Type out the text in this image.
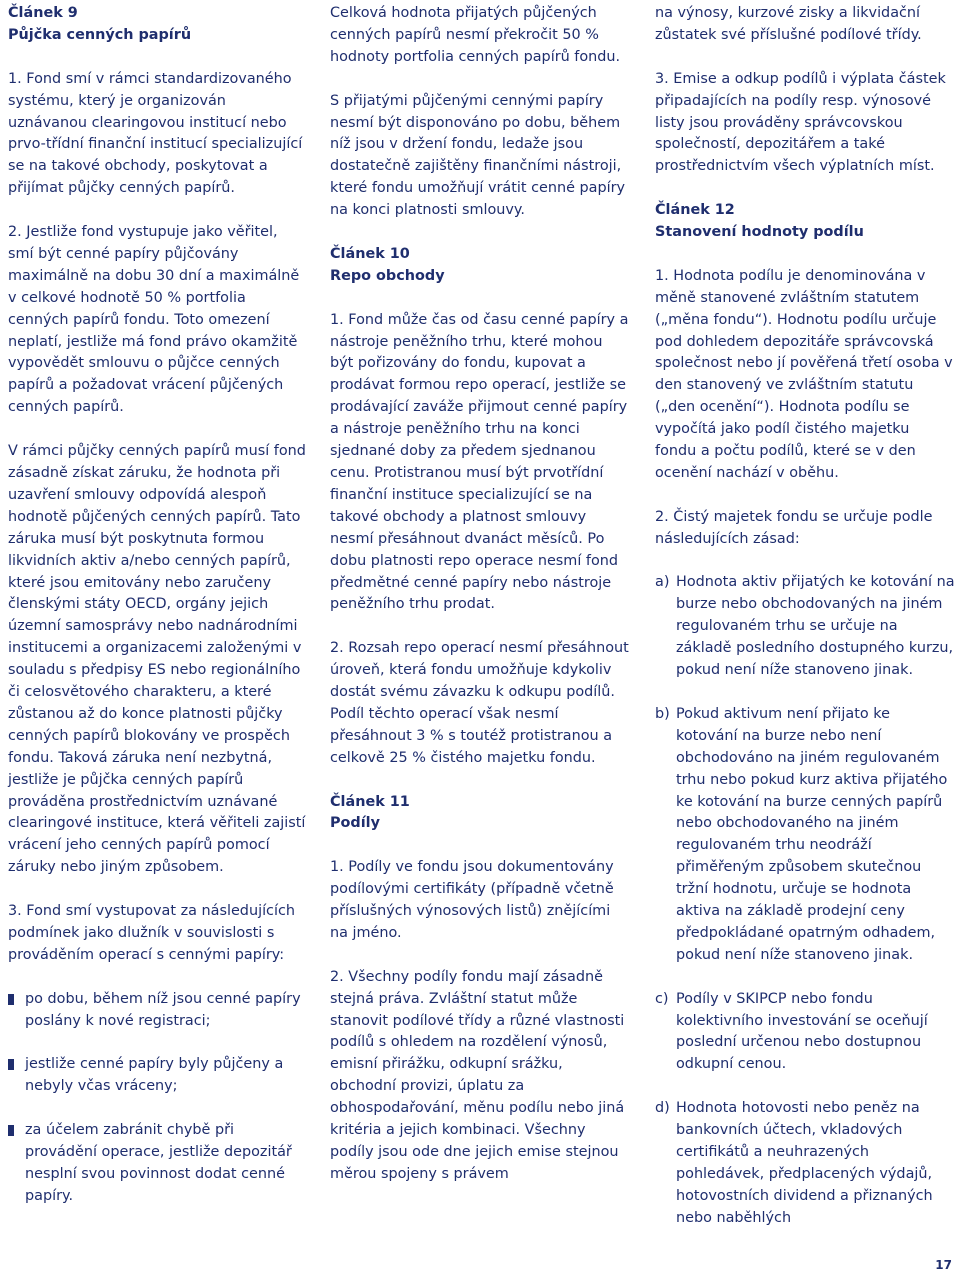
Článek 9

Půjčka cenných papírů

1. Fond smí v rámci standardizovaného systému, který je organizován uznávanou clearingovou institucí nebo prvo-třídní finanční institucí specializující se na takové obchody, poskytovat a přijímat půjčky cenných papírů.

2. Jestliže fond vystupuje jako věřitel, smí být cenné papíry půjčovány maximálně na dobu 30 dní a maximálně v celkové hodnotě 50 % portfolia cenných papírů fondu. Toto omezení neplatí, jestliže má fond právo okamžitě vypovědět smlouvu o půjčce cenných papírů a požadovat vrácení půjčených cenných papírů.

V rámci půjčky cenných papírů musí fond zásadně získat záruku, že hodnota při uzavření smlouvy odpovídá alespoň hodnotě půjčených cenných papírů. Tato záruka musí být poskytnuta formou likvidních aktiv a/nebo cenných papírů, které jsou emitovány nebo zaručeny členskými státy OECD, orgány jejich územní samosprávy nebo nadnárodními institucemi a organizacemi založenými v souladu s předpisy ES nebo regionálního či celosvětového charakteru, a které zůstanou až do konce platnosti půjčky cenných papírů blokovány ve prospěch fondu. Taková záruka není nezbytná, jestliže je půjčka cenných papírů prováděna prostřednictvím uznávané clearingové instituce, která věřiteli zajistí vrácení jeho cenných papírů pomocí záruky nebo jiným způsobem.

3. Fond smí vystupovat za následujících podmínek jako dlužník v souvislosti s prováděním operací s cennými papíry:

po dobu, během níž jsou cenné papíry poslány k nové registraci;
jestliže cenné papíry byly půjčeny a nebyly včas vráceny;
za účelem zabránit chybě při provádění operace, jestliže depozitář nesplní svou povinnost dodat cenné papíry.

Celková hodnota přijatých půjčených cenných papírů nesmí překročit 50 % hodnoty portfolia cenných papírů fondu.

S přijatými půjčenými cennými papíry nesmí být disponováno po dobu, během níž jsou v držení fondu, ledaže jsou dostatečně zajištěny finančními nástroji, které fondu umožňují vrátit cenné papíry na konci platnosti smlouvy.

Článek 10

Repo obchody

1. Fond může čas od času cenné papíry a nástroje peněžního trhu, které mohou být pořizovány do fondu, kupovat a prodávat formou repo operací, jestliže se prodávající zaváže přijmout cenné papíry a nástroje peněžního trhu na konci sjednané doby za předem sjednanou cenu. Protistranou musí být prvotřídní finanční instituce specializující se na takové obchody a platnost smlouvy nesmí přesáhnout dvanáct měsíců. Po dobu platnosti repo operace nesmí fond předmětné cenné papíry nebo nástroje peněžního trhu prodat.

2. Rozsah repo operací nesmí přesáhnout úroveň, která fondu umožňuje kdykoliv dostát svému závazku k odkupu podílů. Podíl těchto operací však nesmí přesáhnout 3 % s toutéž protistranou a celkově 25 % čistého majetku fondu.

Článek 11

Podíly

1. Podíly ve fondu jsou dokumentovány podílovými certifikáty (případně včetně příslušných výnosových listů) znějícími na jméno.

2. Všechny podíly fondu mají zásadně stejná práva. Zvláštní statut může stanovit podílové třídy a různé vlastnosti podílů s ohledem na rozdělení výnosů, emisní přirážku, odkupní srážku, obchodní provizi, úplatu za obhospodařování, měnu podílu nebo jiná kritéria a jejich kombinaci. Všechny podíly jsou ode dne jejich emise stejnou měrou spojeny s právem

na výnosy, kurzové zisky a likvidační zůstatek své příslušné podílové třídy.

3. Emise a odkup podílů i výplata částek připadajících na podíly resp. výnosové listy jsou prováděny správcovskou společností, depozitářem a také prostřednictvím všech výplatních míst.

Článek 12

Stanovení hodnoty podílu

1. Hodnota podílu je denominována v měně stanovené zvláštním statutem („měna fondu“). Hodnotu podílu určuje pod dohledem depozitáře správcovská společnost nebo jí pověřená třetí osoba v den stanovený ve zvláštním statutu („den ocenění“). Hodnota podílu se vypočítá jako podíl čistého majetku fondu a počtu podílů, které se v den ocenění nachází v oběhu.

2. Čistý majetek fondu se určuje podle následujících zásad:

a) Hodnota aktiv přijatých ke kotování na burze nebo obchodovaných na jiném regulovaném trhu se určuje na základě posledního dostupného kurzu, pokud není níže stanoveno jinak.
b) Pokud aktivum není přijato ke kotování na burze nebo není obchodováno na jiném regulovaném trhu nebo pokud kurz aktiva přijatého ke kotování na burze cenných papírů nebo obchodovaného na jiném regulovaném trhu neodráží přiměřeným způsobem skutečnou tržní hodnotu, určuje se hodnota aktiva na základě prodejní ceny předpokládané opatrným odhadem, pokud není níže stanoveno jinak.
c) Podíly v SKIPCP nebo fondu kolektivního investování se oceňují poslední určenou nebo dostupnou odkupní cenou.
d) Hodnota hotovosti nebo peněz na bankovních účtech, vkladových certifikátů a neuhrazených pohledávek, předplacených výdajů, hotovostních dividend a přiznaných nebo naběhlých
17
